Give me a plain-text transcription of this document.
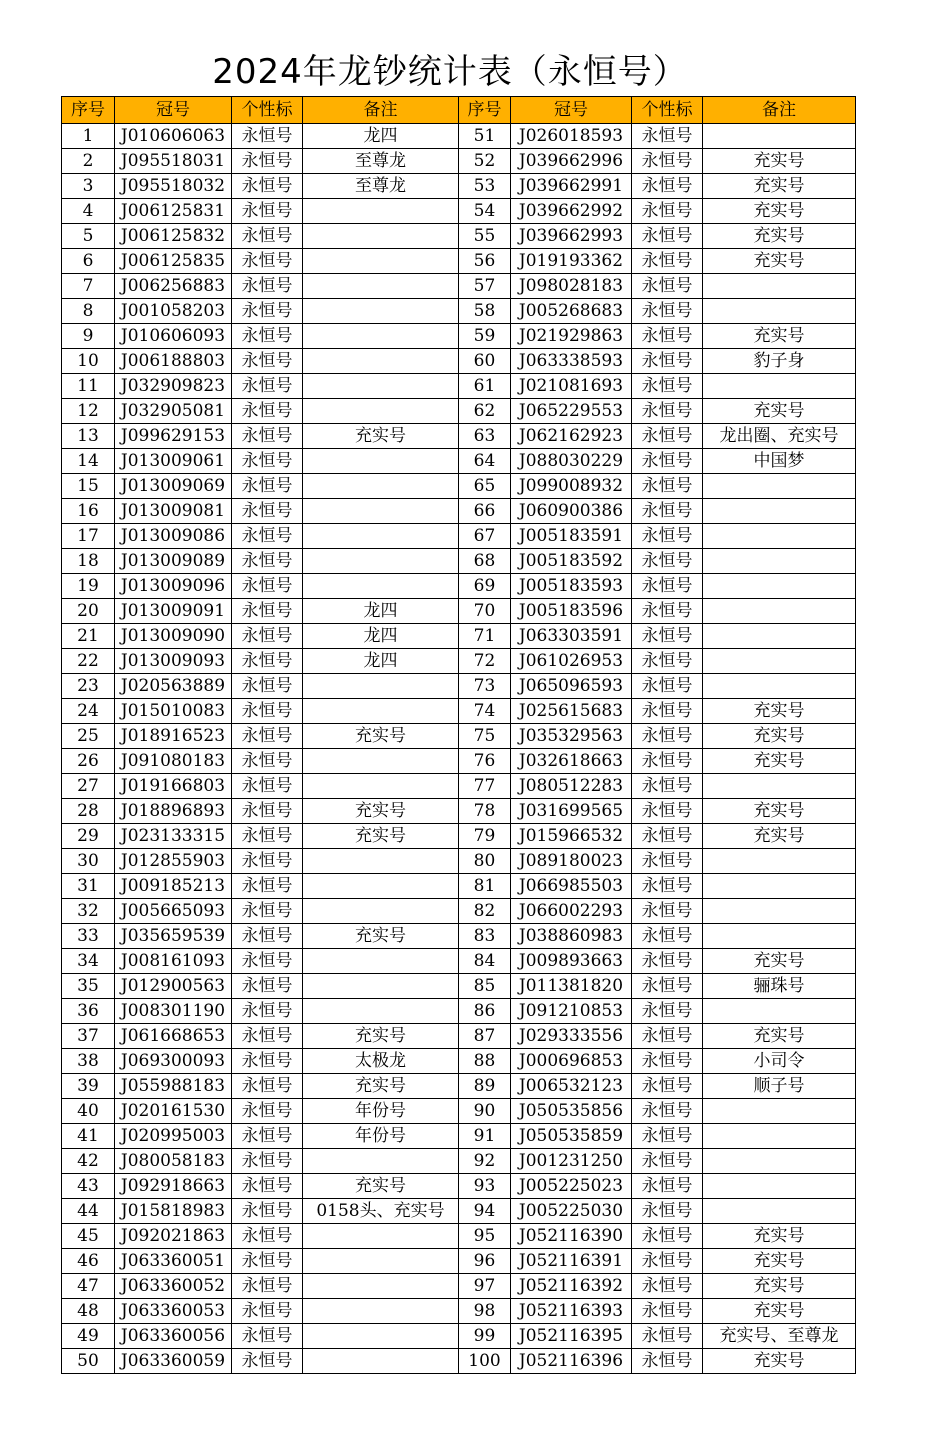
2024年龙钞统计表（永恒号）
序号	冠号	个性标	备注	序号	冠号	个性标	备注
1	J010606063	永恒号	龙四	51	J026018593	永恒号	
2	J095518031	永恒号	至尊龙	52	J039662996	永恒号	充实号
3	J095518032	永恒号	至尊龙	53	J039662991	永恒号	充实号
4	J006125831	永恒号		54	J039662992	永恒号	充实号
5	J006125832	永恒号		55	J039662993	永恒号	充实号
6	J006125835	永恒号		56	J019193362	永恒号	充实号
7	J006256883	永恒号		57	J098028183	永恒号	
8	J001058203	永恒号		58	J005268683	永恒号	
9	J010606093	永恒号		59	J021929863	永恒号	充实号
10	J006188803	永恒号		60	J063338593	永恒号	豹子身
11	J032909823	永恒号		61	J021081693	永恒号	
12	J032905081	永恒号		62	J065229553	永恒号	充实号
13	J099629153	永恒号	充实号	63	J062162923	永恒号	龙出圈、充实号
14	J013009061	永恒号		64	J088030229	永恒号	中国梦
15	J013009069	永恒号		65	J099008932	永恒号	
16	J013009081	永恒号		66	J060900386	永恒号	
17	J013009086	永恒号		67	J005183591	永恒号	
18	J013009089	永恒号		68	J005183592	永恒号	
19	J013009096	永恒号		69	J005183593	永恒号	
20	J013009091	永恒号	龙四	70	J005183596	永恒号	
21	J013009090	永恒号	龙四	71	J063303591	永恒号	
22	J013009093	永恒号	龙四	72	J061026953	永恒号	
23	J020563889	永恒号		73	J065096593	永恒号	
24	J015010083	永恒号		74	J025615683	永恒号	充实号
25	J018916523	永恒号	充实号	75	J035329563	永恒号	充实号
26	J091080183	永恒号		76	J032618663	永恒号	充实号
27	J019166803	永恒号		77	J080512283	永恒号	
28	J018896893	永恒号	充实号	78	J031699565	永恒号	充实号
29	J023133315	永恒号	充实号	79	J015966532	永恒号	充实号
30	J012855903	永恒号		80	J089180023	永恒号	
31	J009185213	永恒号		81	J066985503	永恒号	
32	J005665093	永恒号		82	J066002293	永恒号	
33	J035659539	永恒号	充实号	83	J038860983	永恒号	
34	J008161093	永恒号		84	J009893663	永恒号	充实号
35	J012900563	永恒号		85	J011381820	永恒号	骊珠号
36	J008301190	永恒号		86	J091210853	永恒号	
37	J061668653	永恒号	充实号	87	J029333556	永恒号	充实号
38	J069300093	永恒号	太极龙	88	J000696853	永恒号	小司令
39	J055988183	永恒号	充实号	89	J006532123	永恒号	顺子号
40	J020161530	永恒号	年份号	90	J050535856	永恒号	
41	J020995003	永恒号	年份号	91	J050535859	永恒号	
42	J080058183	永恒号		92	J001231250	永恒号	
43	J092918663	永恒号	充实号	93	J005225023	永恒号	
44	J015818983	永恒号	0158头、充实号	94	J005225030	永恒号	
45	J092021863	永恒号		95	J052116390	永恒号	充实号
46	J063360051	永恒号		96	J052116391	永恒号	充实号
47	J063360052	永恒号		97	J052116392	永恒号	充实号
48	J063360053	永恒号		98	J052116393	永恒号	充实号
49	J063360056	永恒号		99	J052116395	永恒号	充实号、至尊龙
50	J063360059	永恒号		100	J052116396	永恒号	充实号
